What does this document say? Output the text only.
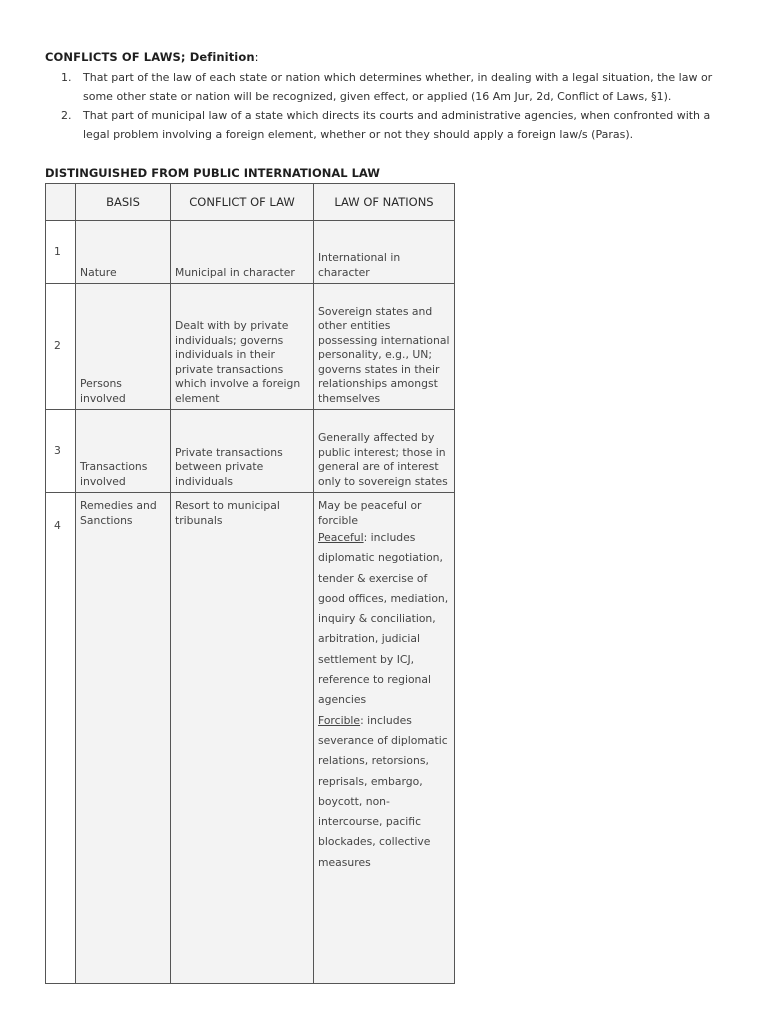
CONFLICTS OF LAWS; Definition:
1. That part of the law of each state or nation which determines whether, in dealing with a legal situation, the law or some other state or nation will be recognized, given effect, or applied (16 Am Jur, 2d, Conflict of Laws, §1).
2. That part of municipal law of a state which directs its courts and administrative agencies, when confronted with a legal problem involving a foreign element, whether or not they should apply a foreign law/s (Paras).
DISTINGUISHED FROM PUBLIC INTERNATIONAL LAW
	BASIS	CONFLICT OF LAW	LAW OF NATIONS
1	Nature	Municipal in character	International in character
2	Persons involved	Dealt with by private individuals; governs individuals in their private transactions which involve a foreign element	Sovereign states and other entities possessing international personality, e.g., UN; governs states in their relationships amongst themselves
3	Transactions involved	Private transactions between private individuals	Generally affected by public interest; those in general are of interest only to sovereign states
4	Remedies and Sanctions	Resort to municipal tribunals	May be peaceful or forcible
Peaceful: includes diplomatic negotiation, tender & exercise of good offices, mediation, inquiry & conciliation, arbitration, judicial settlement by ICJ, reference to regional agencies
Forcible: includes severance of diplomatic relations, retorsions, reprisals, embargo, boycott, non-intercourse, pacific blockades, collective measures
